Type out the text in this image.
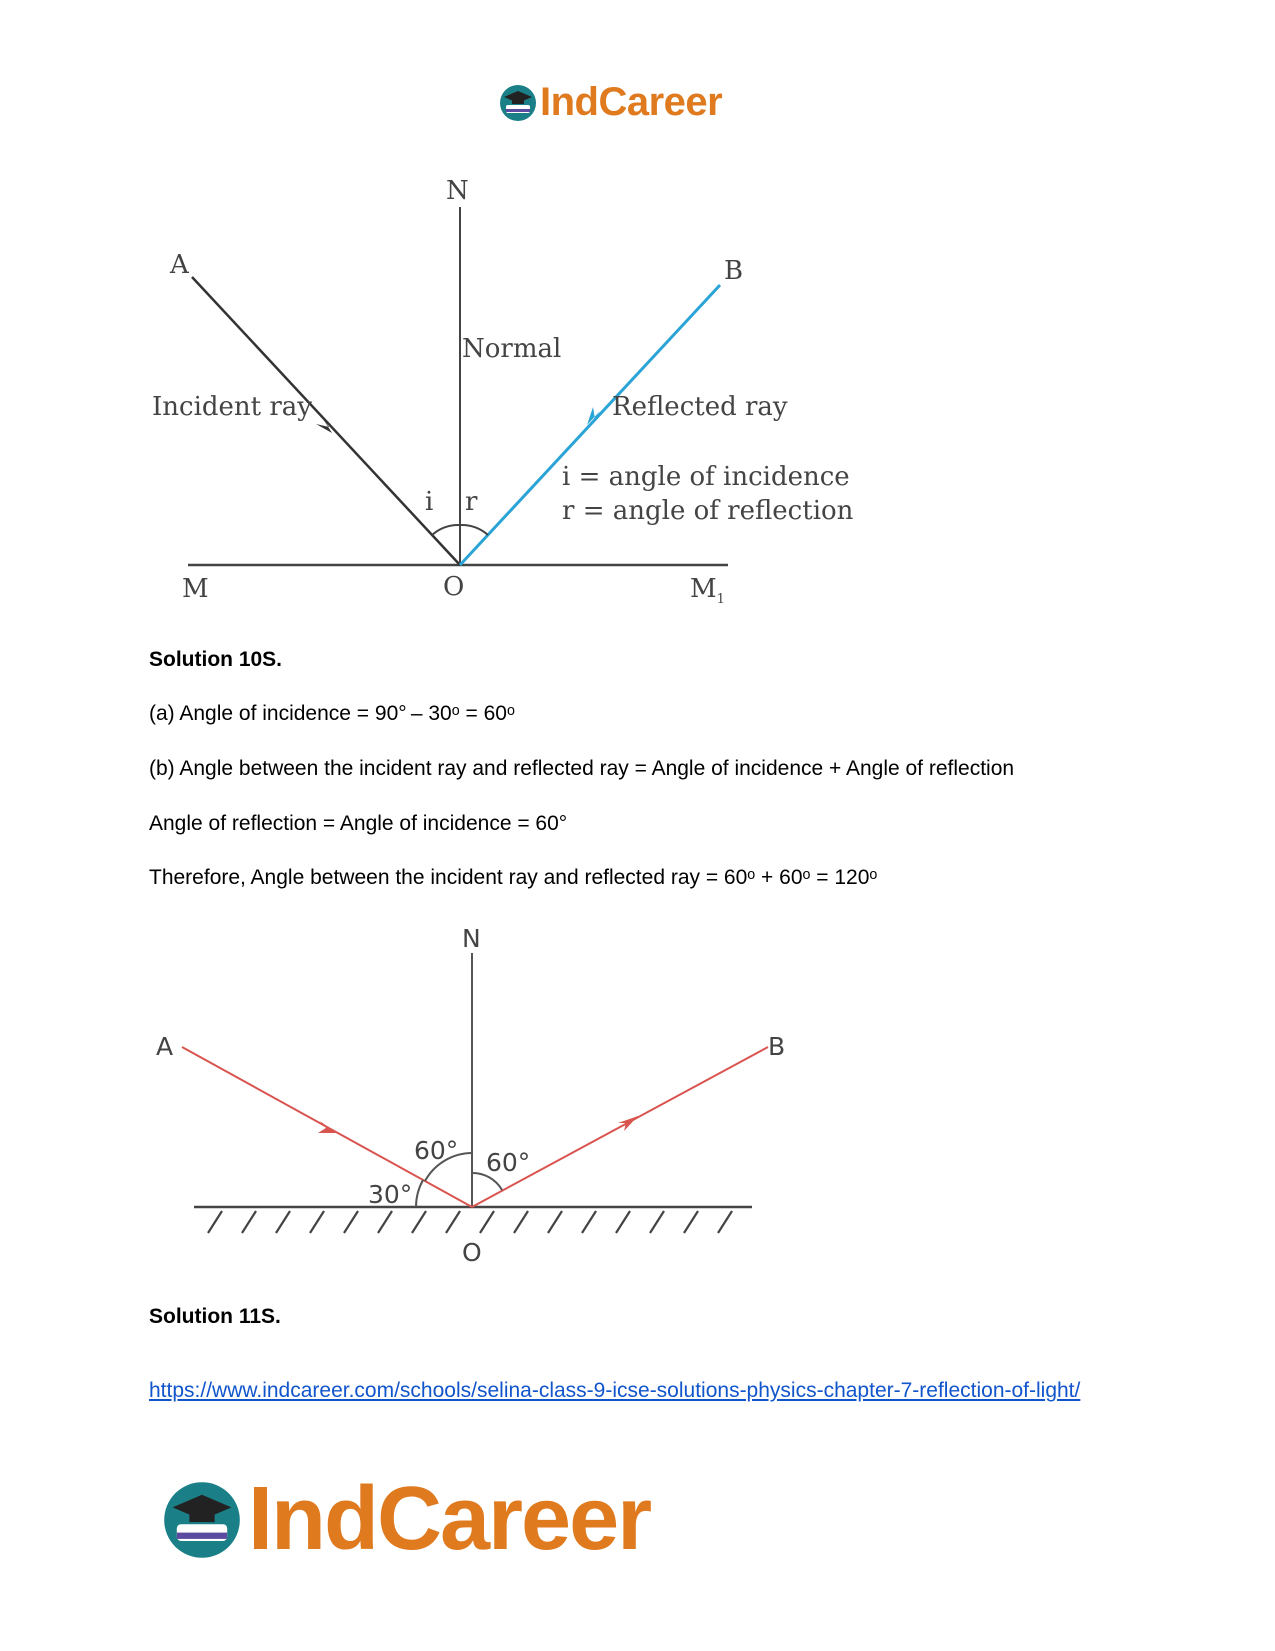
IndCareer
N
A	B
Normal
Incident ray	Reflected ray
i r
i = angle of incidence
r = angle of reflection
M	O	$M_1$
Solution 10S.
(a) Angle of incidence = 90° – 30ᵒ = 60ᵒ
(b) Angle between the incident ray and reflected ray = Angle of incidence + Angle of reflection
Angle of reflection = Angle of incidence = 60°
Therefore, Angle between the incident ray and reflected ray = 60ᵒ + 60ᵒ = 120ᵒ
N
A	B
60° 60°
30°
O
Solution 11S.
https://www.indcareer.com/schools/selina-class-9-icse-solutions-physics-chapter-7-reflection-of-light/
IndCareer
